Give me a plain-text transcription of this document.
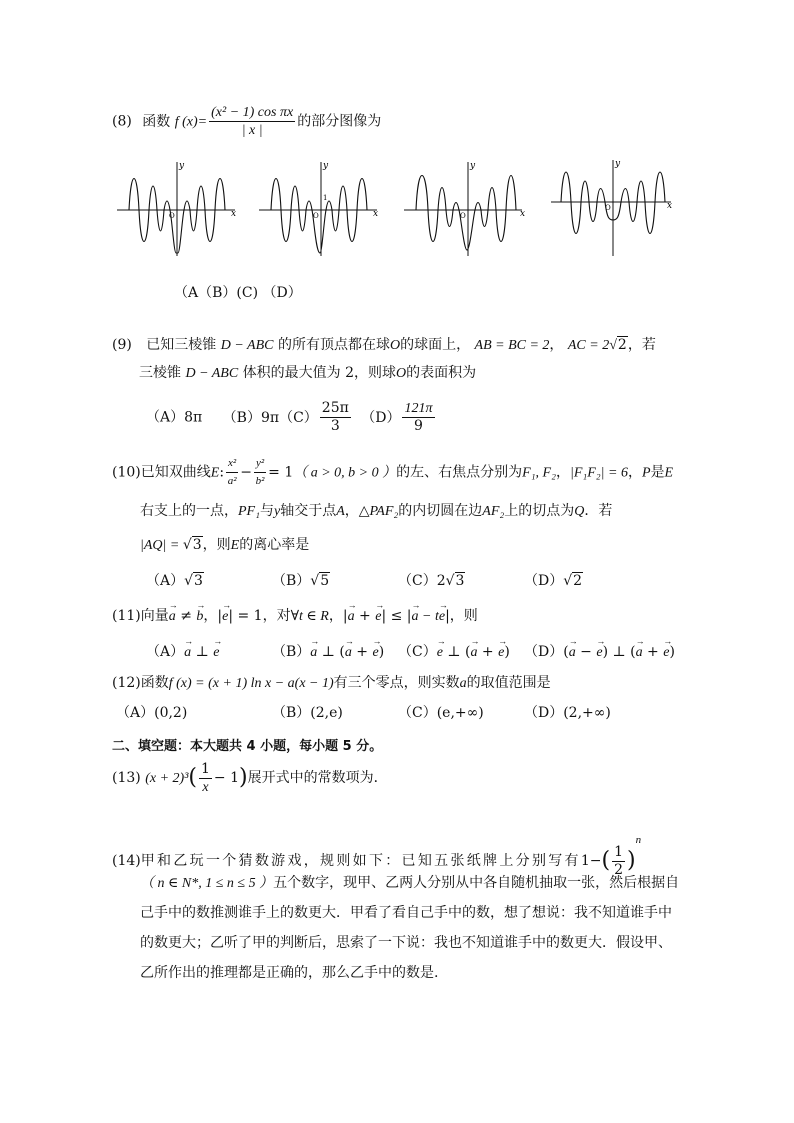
(8) 函数 f $(x)= \frac{\text{(x² − 1) cos πx}}{| x |}$ 的部分图像为
y
x
O
y
x
1
O
y
x
O
y
x
O
（A（B）(C) （D）
(9) 已知三棱锥 D − ABC 的所有顶点都在球O的球面上， AB = BC = 2， AC = 2√2，若
三棱锥 D − ABC 体积的最大值为 2，则球O的表面积为
（A）8π $(B)9\pi(C) \frac{25\pi}{3} (D) \frac{121\pi}{9}$
(10)已知双曲线E: $\frac{\text{x²}}{\text{a²}} - \frac{\text{y²}}{\text{b²}} = 1$（ a > 0, b > 0 ）的左、右焦点分别为F₁, F₂，|F₁F₂| = 6，P是E
右支上的一点，PF₁与y轴交于点A，△PAF₂的内切圆在边AF₂上的切点为Q．若
|AQ| = √3，则E的离心率是
（A）√3	（B）√5	（C）2√3	（D）√2
(11)向量→ a ≠ → b，|→ e| = 1，对∀t ∈ R，|→ a + → e| ≤ |→ a − t→ e|，则
（A）→ a ⊥ → e	（B）→ a ⊥ (→ a + → e) （C）→ e ⊥ (→ a + → e) （D）(→ a − → e) ⊥ (→ a + → e)
(12)函数f (x) = (x + 1) ln x − a(x − 1)有三个零点，则实数a的取值范围是
（A）(0,2)	（B）(2,e)	（C）(e,+∞)	（D）(2,+∞)
二、填空题：本大题共 4 小题，每小题 5 分。
(13) $(x + 2)^3( \frac{1}{x} - 1)$展开式中的常数项为．
(14)甲和乙玩一个猜数游戏，规则如下：已知五张纸牌上分别写有$1-( \frac{1}{2} )^n$
（ n ∈ N*, 1 ≤ n ≤ 5 ）五个数字，现甲、乙两人分别从中各自随机抽取一张，然后根据自
己手中的数推测谁手上的数更大．甲看了看自己手中的数，想了想说：我不知道谁手中
的数更大；乙听了甲的判断后，思索了一下说：我也不知道谁手中的数更大．假设甲、
乙所作出的推理都是正确的，那么乙手中的数是.
